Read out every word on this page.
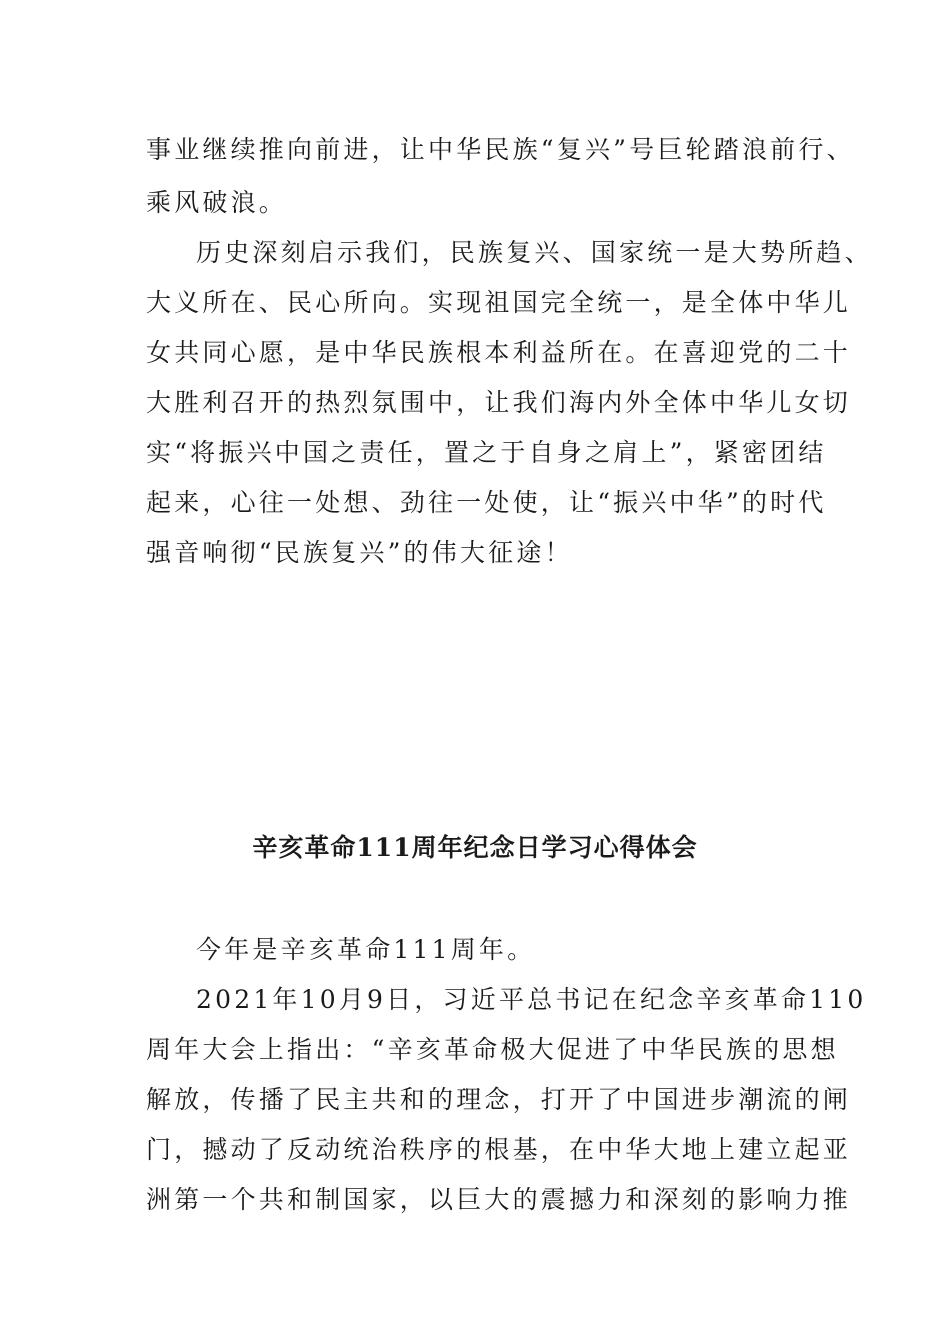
事业继续推向前进，让中华民族“复兴”号巨轮踏浪前行、
乘风破浪。
历史深刻启示我们，民族复兴、国家统一是大势所趋、
大义所在、民心所向。实现祖国完全统一，是全体中华儿
女共同心愿，是中华民族根本利益所在。在喜迎党的二十
大胜利召开的热烈氛围中，让我们海内外全体中华儿女切
实“将振兴中国之责任，置之于自身之肩上”，紧密团结
起来，心往一处想、劲往一处使，让“振兴中华”的时代
强音响彻“民族复兴”的伟大征途！
辛亥革命111周年纪念日学习心得体会
今年是辛亥革命111周年。
2021年10月9日，习近平总书记在纪念辛亥革命110
周年大会上指出：“辛亥革命极大促进了中华民族的思想
解放，传播了民主共和的理念，打开了中国进步潮流的闸
门，撼动了反动统治秩序的根基，在中华大地上建立起亚
洲第一个共和制国家，以巨大的震撼力和深刻的影响力推
